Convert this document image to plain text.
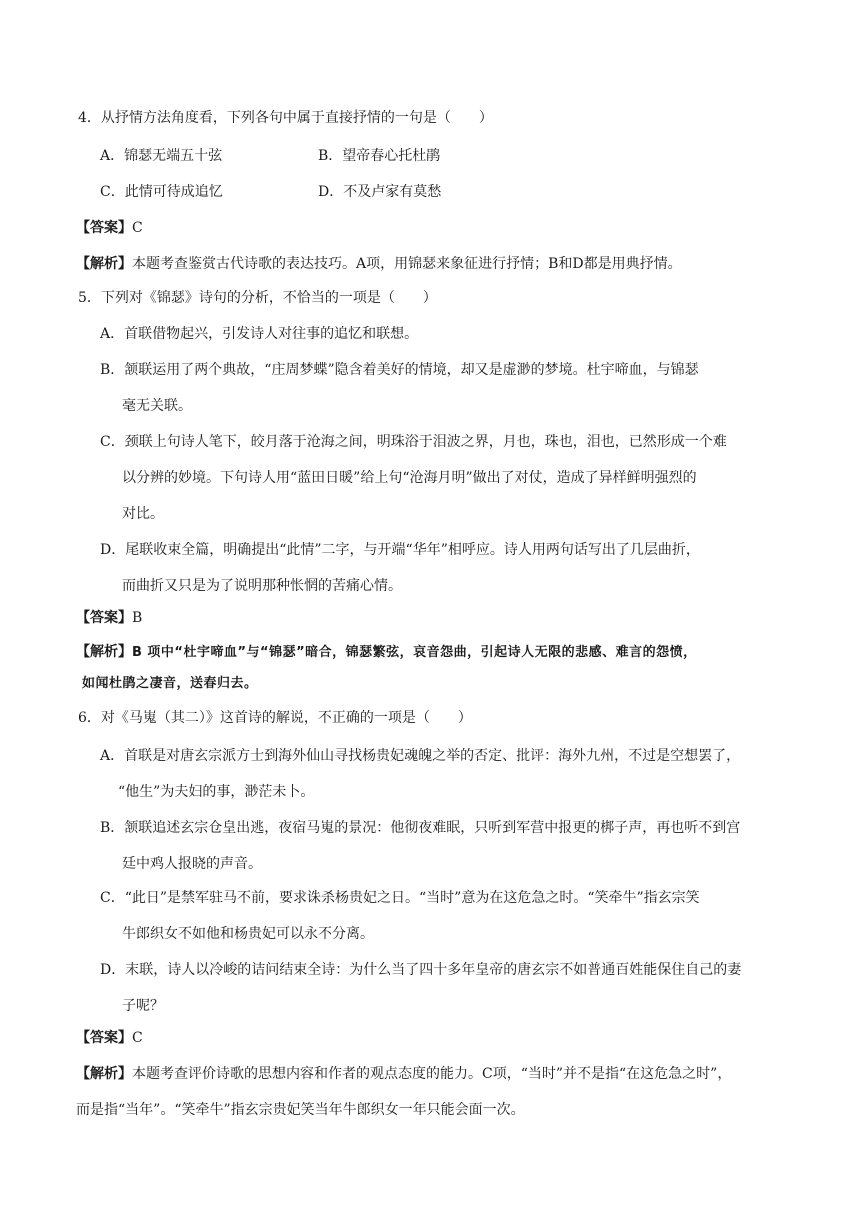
4．从抒情方法角度看，下列各句中属于直接抒情的一句是（　　）
A．锦瑟无端五十弦	B．望帝春心托杜鹃
C．此情可待成追忆	D．不及卢家有莫愁
【答案】C
【解析】本题考查鉴赏古代诗歌的表达技巧。A项，用锦瑟来象征进行抒情；B和D都是用典抒情。
5．下列对《锦瑟》诗句的分析，不恰当的一项是（　　）
A．首联借物起兴，引发诗人对往事的追忆和联想。
B．颔联运用了两个典故，“庄周梦蝶”隐含着美好的情境，却又是虚渺的梦境。杜宇啼血，与锦瑟
毫无关联。
C．颈联上句诗人笔下，皎月落于沧海之间，明珠浴于泪波之界，月也，珠也，泪也，已然形成一个难
以分辨的妙境。下句诗人用“蓝田日暖”给上句“沧海月明”做出了对仗，造成了异样鲜明强烈的
对比。
D．尾联收束全篇，明确提出“此情”二字，与开端“华年”相呼应。诗人用两句话写出了几层曲折，
而曲折又只是为了说明那种怅惘的苦痛心情。
【答案】B
【解析】B 项中“杜宇啼血”与“锦瑟”暗合，锦瑟繁弦，哀音怨曲，引起诗人无限的悲感、难言的怨愤，
如闻杜鹃之凄音，送春归去。
6．对《马嵬（其二）》这首诗的解说，不正确的一项是（　　）
A．首联是对唐玄宗派方士到海外仙山寻找杨贵妃魂魄之举的否定、批评：海外九州，不过是空想罢了，
“他生”为夫妇的事，渺茫未卜。
B．颔联追述玄宗仓皇出逃，夜宿马嵬的景况：他彻夜难眠，只听到军营中报更的梆子声，再也听不到宫
廷中鸡人报晓的声音。
C．“此日”是禁军驻马不前，要求诛杀杨贵妃之日。“当时”意为在这危急之时。“笑牵牛”指玄宗笑
牛郎织女不如他和杨贵妃可以永不分离。
D．末联，诗人以冷峻的诘问结束全诗：为什么当了四十多年皇帝的唐玄宗不如普通百姓能保住自己的妻
子呢？
【答案】C
【解析】本题考查评价诗歌的思想内容和作者的观点态度的能力。C项，“当时”并不是指“在这危急之时”，
而是指“当年”。“笑牵牛”指玄宗贵妃笑当年牛郎织女一年只能会面一次。
